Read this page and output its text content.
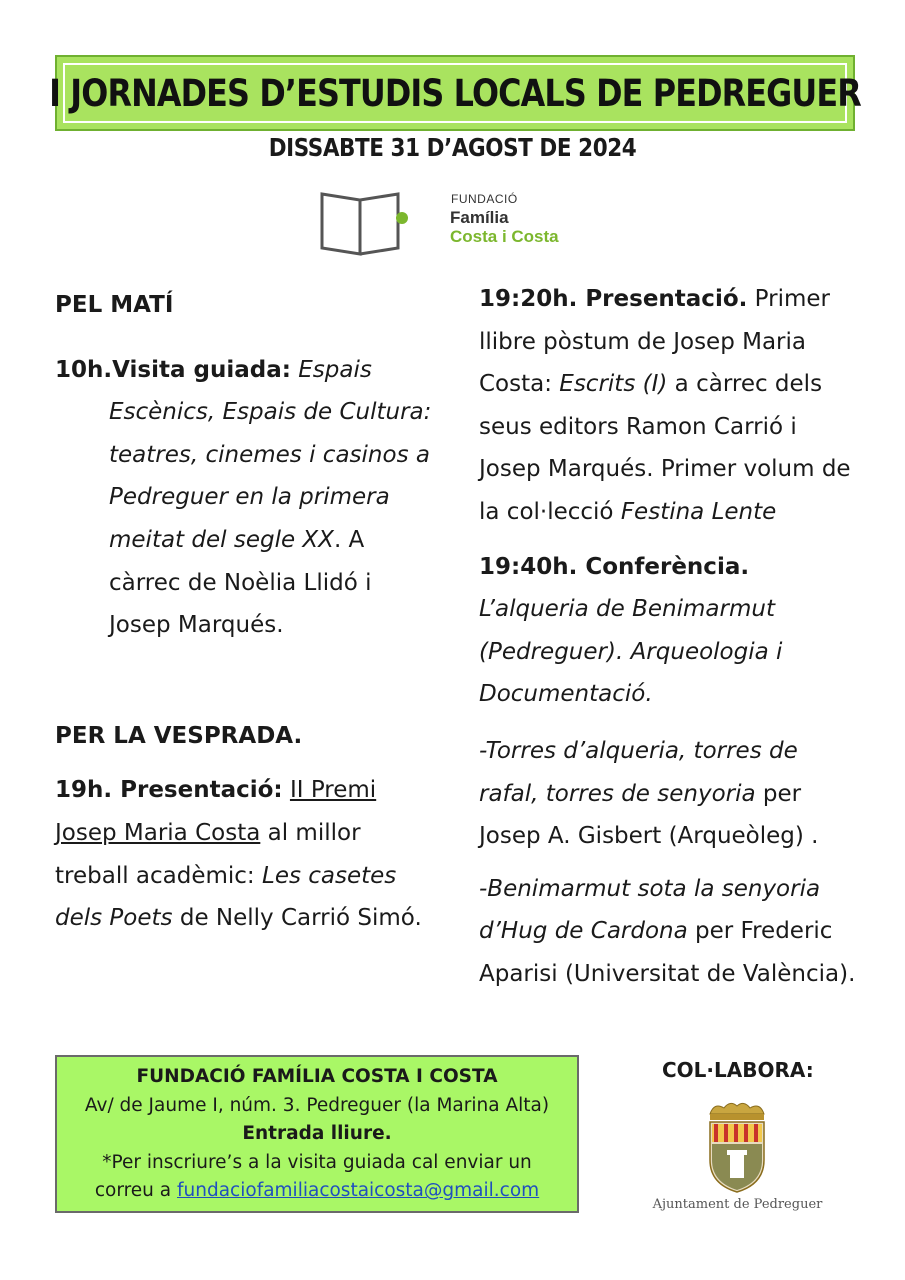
I JORNADES D’ESTUDIS LOCALS DE PEDREGUER
DISSABTE 31 D’AGOST DE 2024
FUNDACIÓ
Família
Costa i Costa

PEL MATÍ

10h.Visita guiada: Espais Escènics, Espais de Cultura: teatres, cinemes i casinos a Pedreguer en la primera meitat del segle XX. A càrrec de Noèlia Llidó i Josep Marqués.

PER LA VESPRADA.

19h. Presentació: II Premi Josep Maria Costa al millor treball acadèmic: Les casetes dels Poets de Nelly Carrió Simó.

19:20h. Presentació. Primer llibre pòstum de Josep Maria Costa: Escrits (I) a càrrec dels seus editors Ramon Carrió i Josep Marqués. Primer volum de la col·lecció Festina Lente

19:40h. Conferència.

L’alqueria de Benimarmut (Pedreguer). Arqueologia i Documentació.

-Torres d’alqueria, torres de rafal, torres de senyoria per Josep A. Gisbert (Arqueòleg) .

-Benimarmut sota la senyoria d’Hug de Cardona per Frederic Aparisi (Universitat de València).

FUNDACIÓ FAMÍLIA COSTA I COSTA
Av/ de Jaume I, núm. 3. Pedreguer (la Marina Alta)
Entrada lliure.
*Per inscriure’s a la visita guiada cal enviar un
correu a fundaciofamiliacostaicosta@gmail.com
COL·LABORA:
Ajuntament de Pedreguer
